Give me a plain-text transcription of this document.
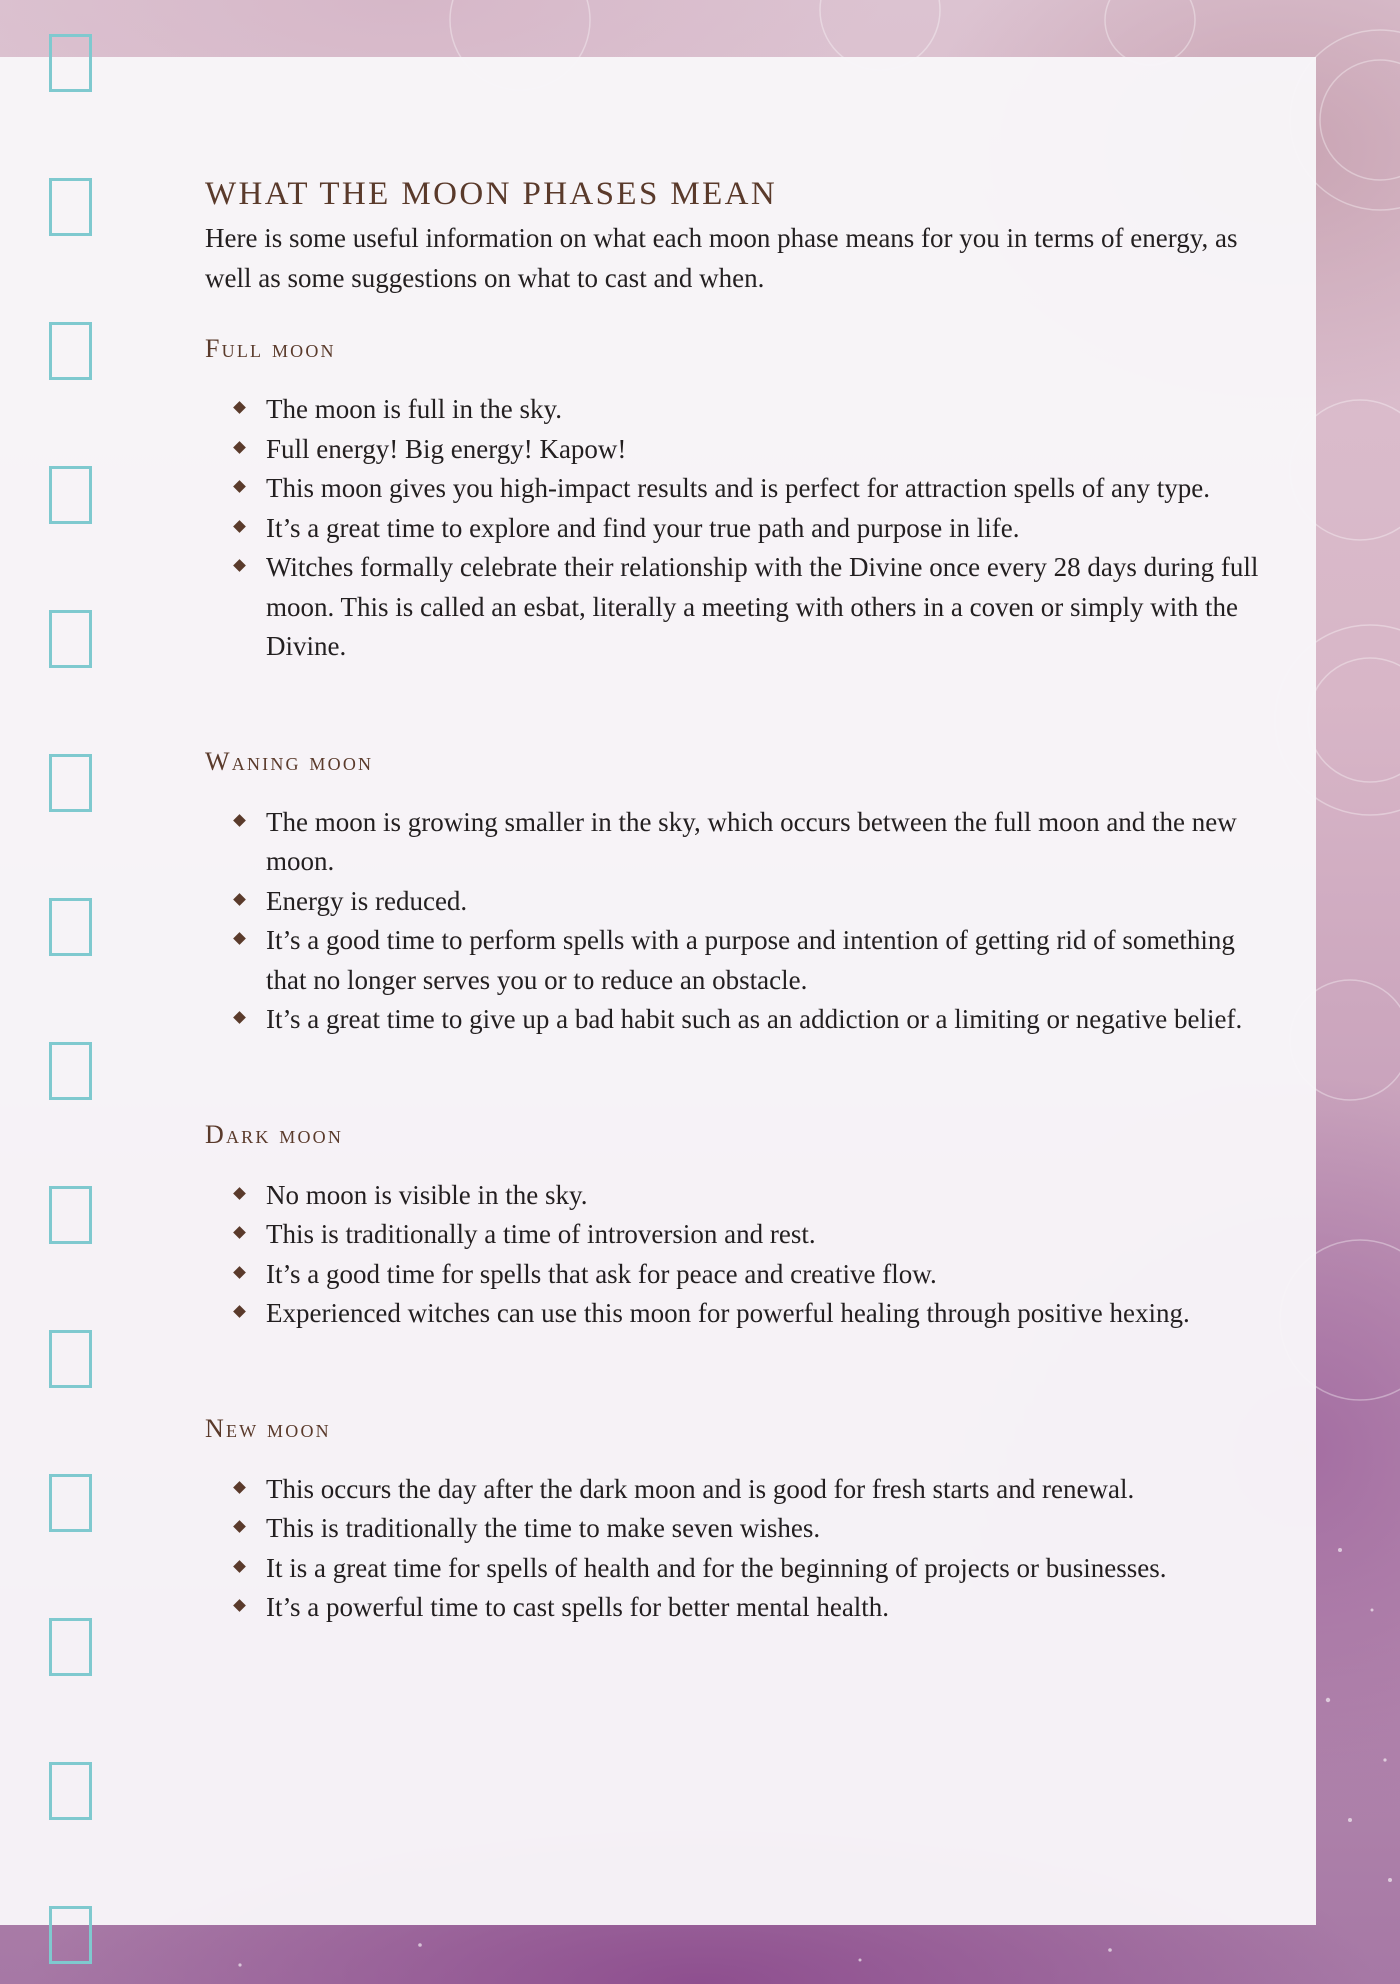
WHAT THE MOON PHASES MEAN

Here is some useful information on what each moon phase means for you in terms of energy, as well as some suggestions on what to cast and when.

Full moon
The moon is full in the sky.
Full energy! Big energy! Kapow!
This moon gives you high-impact results and is perfect for attraction spells of any type.
It’s a great time to explore and find your true path and purpose in life.
Witches formally celebrate their relationship with the Divine once every 28 days during full moon. This is called an esbat, literally a meeting with others in a coven or simply with the Divine.
Waning moon
The moon is growing smaller in the sky, which occurs between the full moon and the new moon.
Energy is reduced.
It’s a good time to perform spells with a purpose and intention of getting rid of something that no longer serves you or to reduce an obstacle.
It’s a great time to give up a bad habit such as an addiction or a limiting or negative belief.
Dark moon
No moon is visible in the sky.
This is traditionally a time of introversion and rest.
It’s a good time for spells that ask for peace and creative flow.
Experienced witches can use this moon for powerful healing through positive hexing.
New moon
This occurs the day after the dark moon and is good for fresh starts and renewal.
This is traditionally the time to make seven wishes.
It is a great time for spells of health and for the beginning of projects or businesses.
It’s a powerful time to cast spells for better mental health.
